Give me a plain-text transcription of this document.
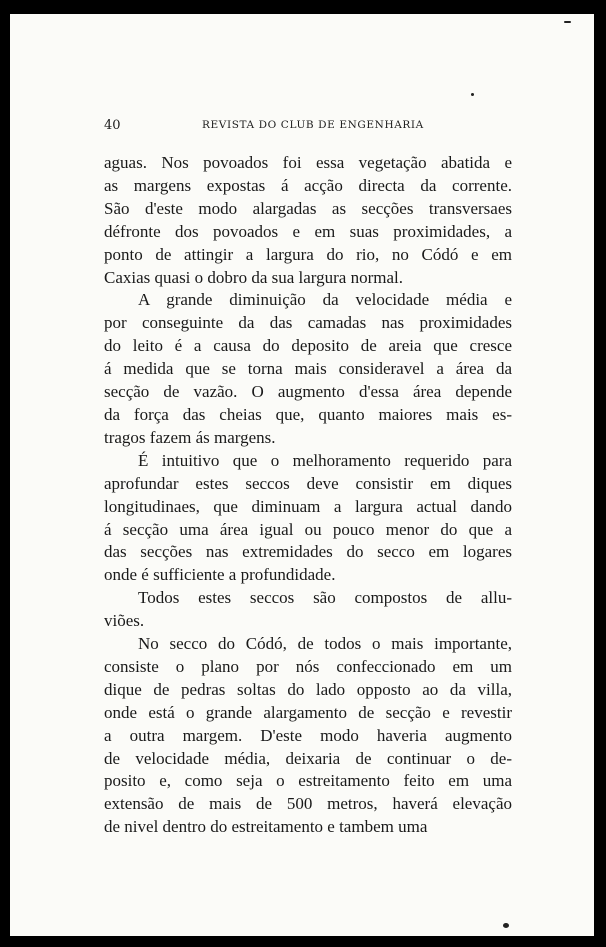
40	REVISTA DO CLUB DE ENGENHARIA

aguas. Nos povoados foi essa vegetação abatida e
as margens expostas á acção directa da corrente.
São d'este modo alargadas as secções transversaes
défronte dos povoados e em suas proximidades, a
ponto de attingir a largura do rio, no Códó e em
Caxias quasi o dobro da sua largura normal.

A grande diminuição da velocidade média e
por conseguinte da das camadas nas proximidades
do leito é a causa do deposito de areia que cresce
á medida que se torna mais consideravel a área da
secção de vazão. O augmento d'essa área depende
da força das cheias que, quanto maiores mais es-
tragos fazem ás margens.

É intuitivo que o melhoramento requerido para
aprofundar estes seccos deve consistir em diques
longitudinaes, que diminuam a largura actual dando
á secção uma área igual ou pouco menor do que a
das secções nas extremidades do secco em logares
onde é sufficiente a profundidade.

Todos estes seccos são compostos de allu-
viões.

No secco do Códó, de todos o mais importante,
consiste o plano por nós confeccionado em um
dique de pedras soltas do lado opposto ao da villa,
onde está o grande alargamento de secção e revestir
a outra margem. D'este modo haveria augmento
de velocidade média, deixaria de continuar o de-
posito e, como seja o estreitamento feito em uma
extensão de mais de 500 metros, haverá elevação
de nivel dentro do estreitamento e tambem uma
